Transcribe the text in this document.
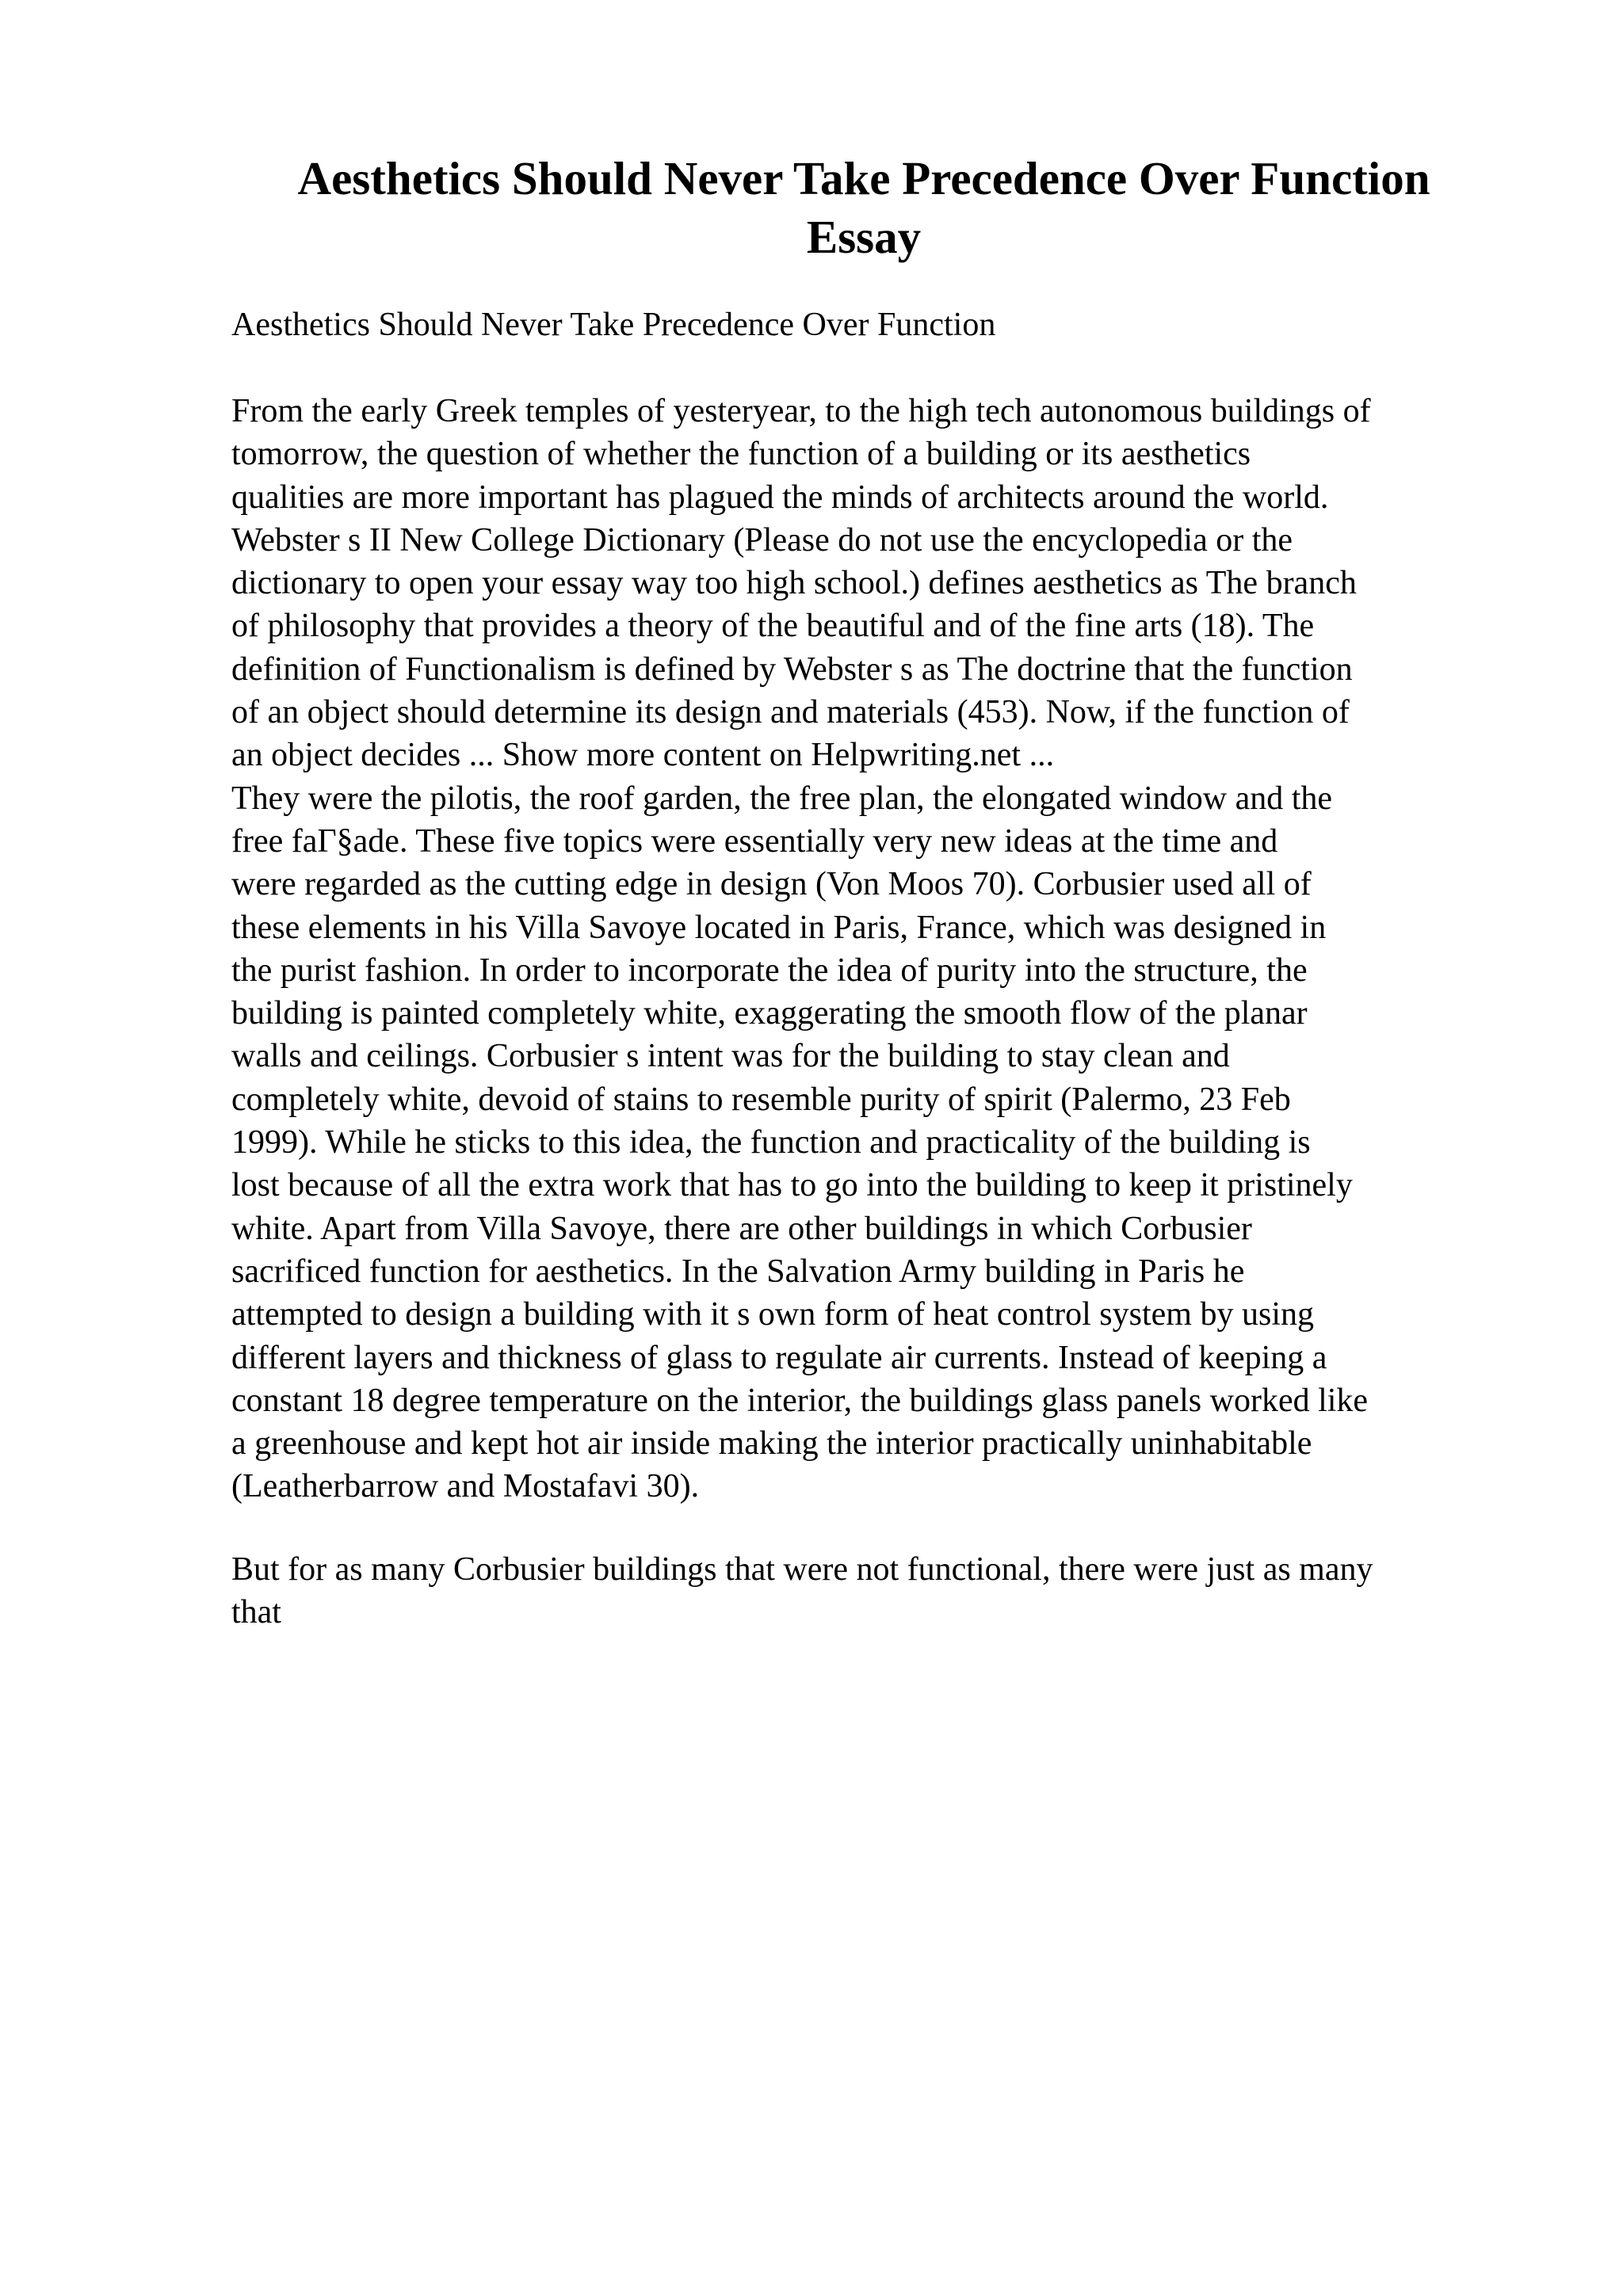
Aesthetics Should Never Take Precedence Over Function
Essay

Aesthetics Should Never Take Precedence Over Function

From the early Greek temples of yesteryear, to the high tech autonomous buildings of
tomorrow, the question of whether the function of a building or its aesthetics
qualities are more important has plagued the minds of architects around the world.
Webster s II New College Dictionary (Please do not use the encyclopedia or the
dictionary to open your essay way too high school.) defines aesthetics as The branch
of philosophy that provides a theory of the beautiful and of the fine arts (18). The
definition of Functionalism is defined by Webster s as The doctrine that the function
of an object should determine its design and materials (453). Now, if the function of
an object decides ... Show more content on Helpwriting.net ...
They were the pilotis, the roof garden, the free plan, the elongated window and the
free faΓ§ade. These five topics were essentially very new ideas at the time and
were regarded as the cutting edge in design (Von Moos 70). Corbusier used all of
these elements in his Villa Savoye located in Paris, France, which was designed in
the purist fashion. In order to incorporate the idea of purity into the structure, the
building is painted completely white, exaggerating the smooth flow of the planar
walls and ceilings. Corbusier s intent was for the building to stay clean and
completely white, devoid of stains to resemble purity of spirit (Palermo, 23 Feb
1999). While he sticks to this idea, the function and practicality of the building is
lost because of all the extra work that has to go into the building to keep it pristinely
white. Apart from Villa Savoye, there are other buildings in which Corbusier
sacrificed function for aesthetics. In the Salvation Army building in Paris he
attempted to design a building with it s own form of heat control system by using
different layers and thickness of glass to regulate air currents. Instead of keeping a
constant 18 degree temperature on the interior, the buildings glass panels worked like
a greenhouse and kept hot air inside making the interior practically uninhabitable
(Leatherbarrow and Mostafavi 30).

But for as many Corbusier buildings that were not functional, there were just as many
that
